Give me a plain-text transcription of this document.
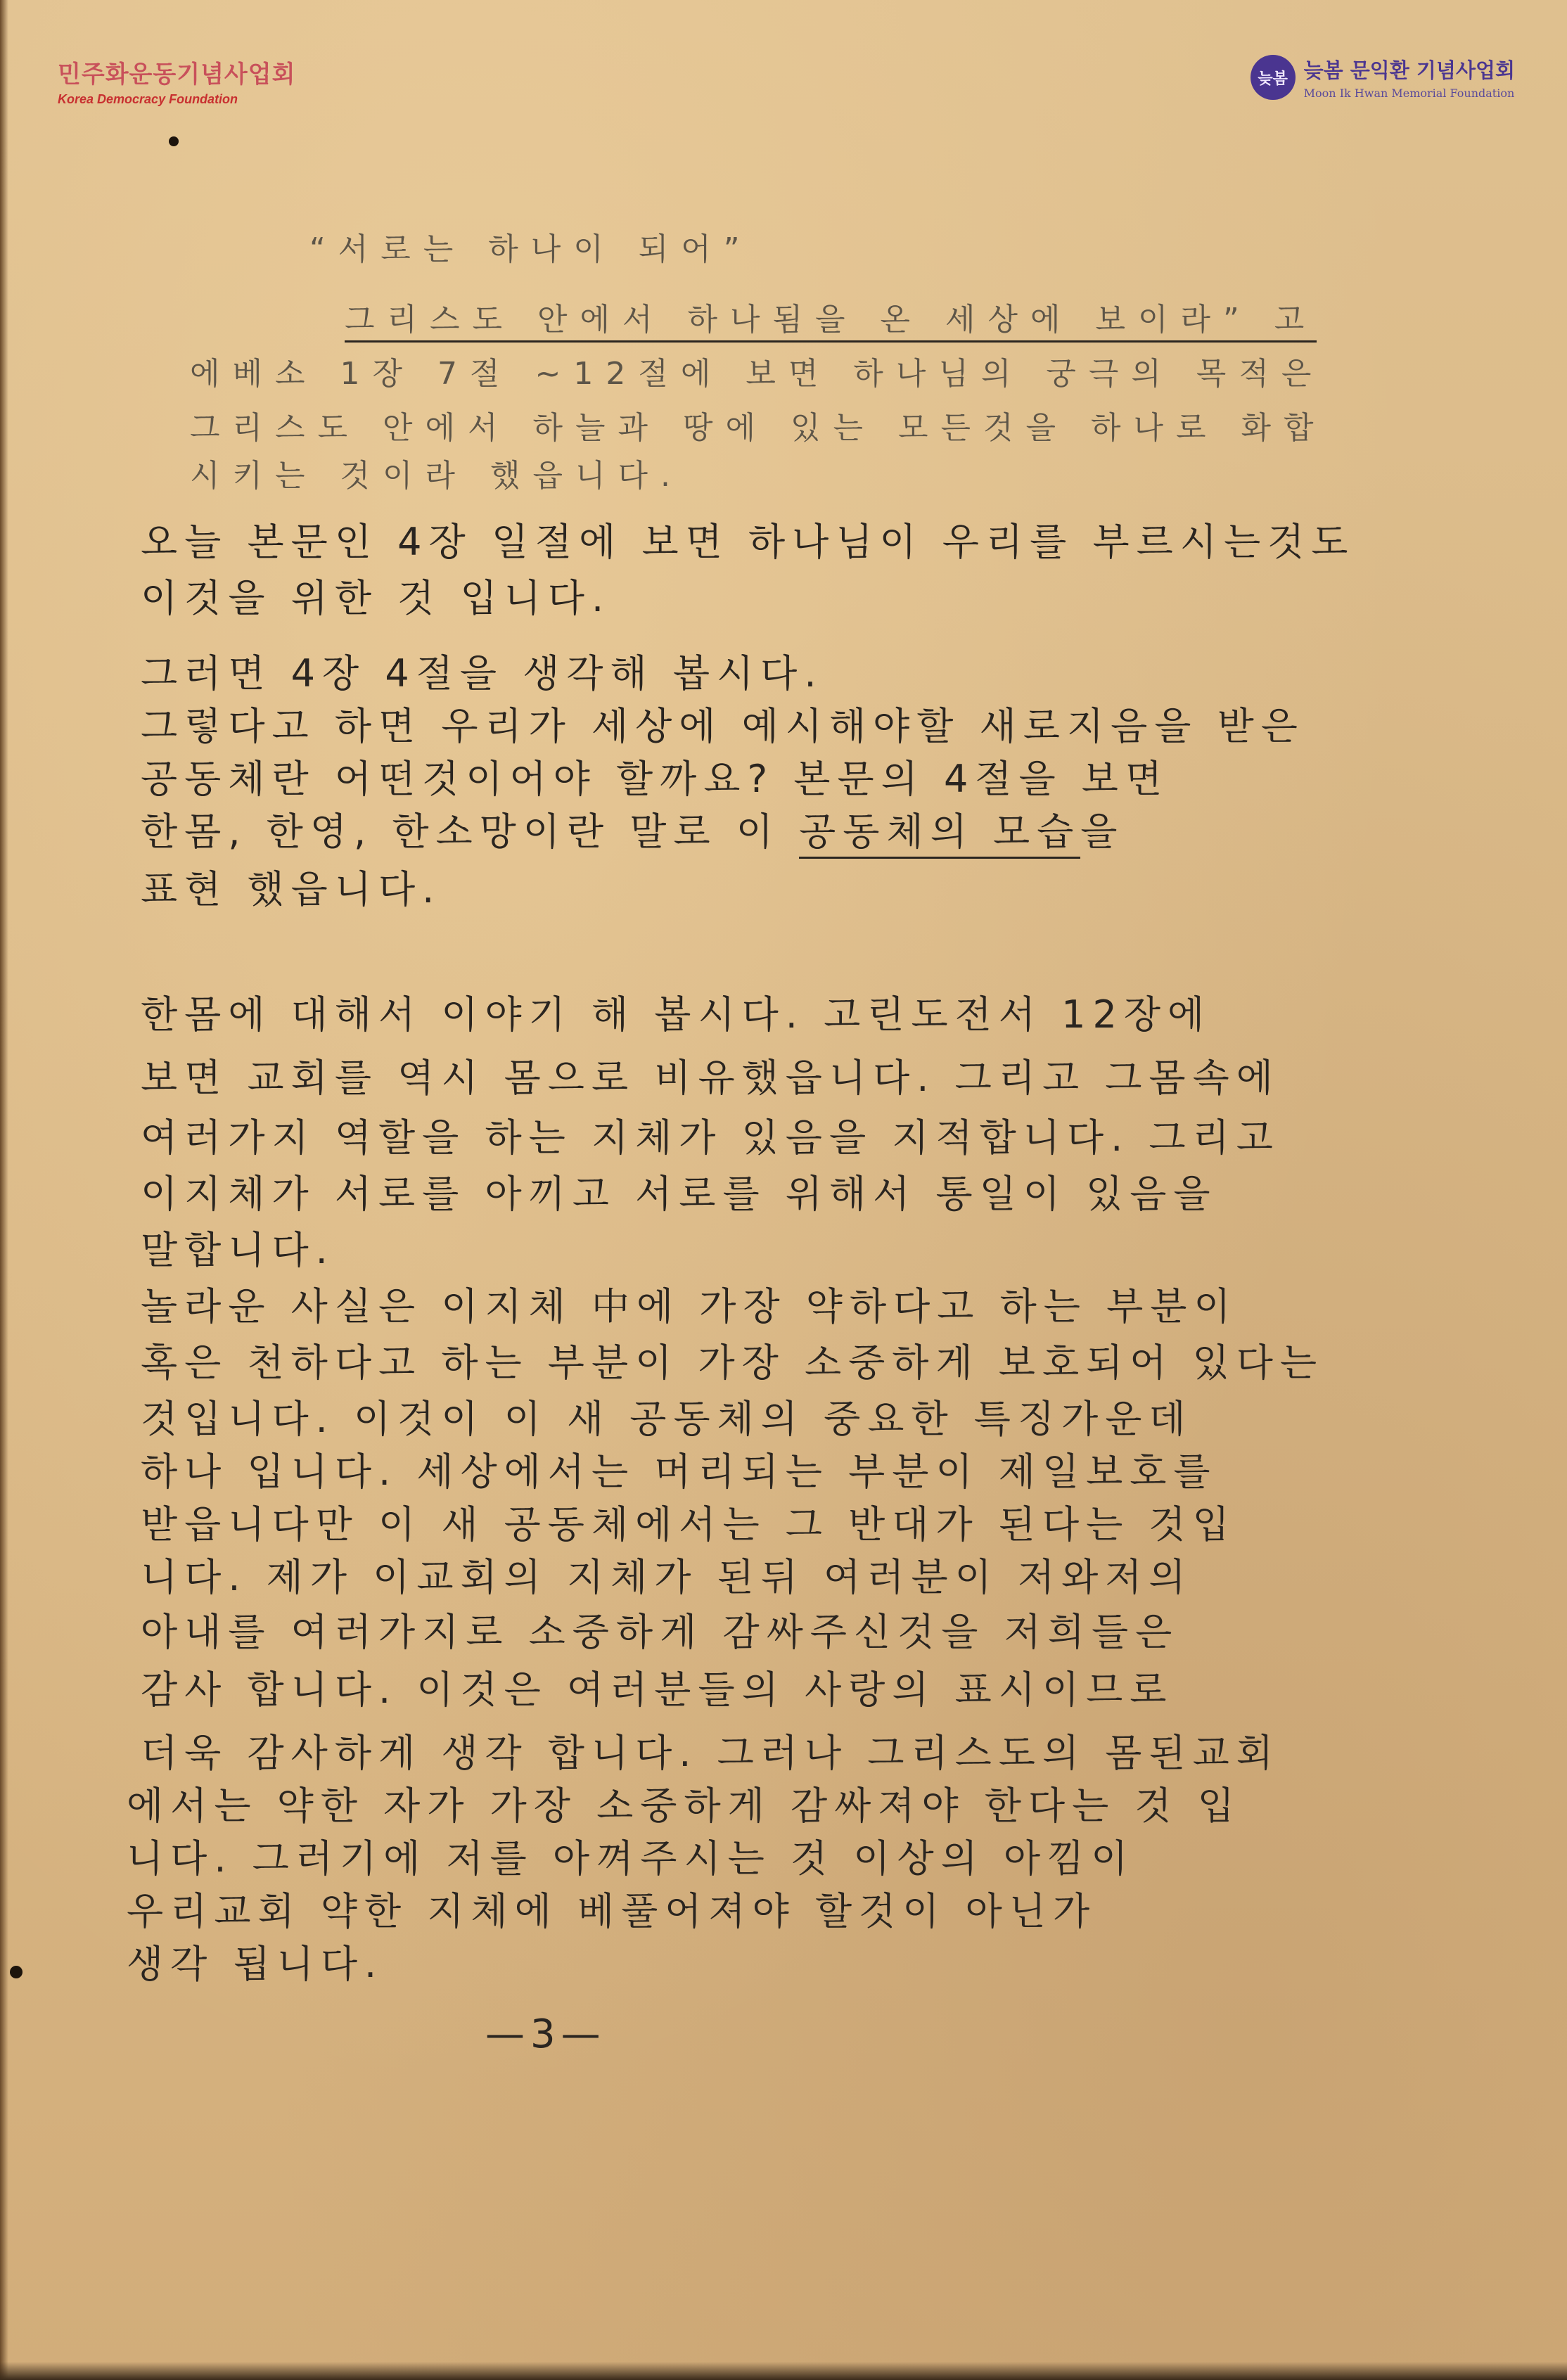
민주화운동기념사업회
Korea Democracy Foundation
늦봄 늦봄 문익환 기념사업회
Moon Ik Hwan Memorial Foundation
“서로는 하나이 되어”
그리스도 안에서 하나됨을 온 세상에 보이라” 고
에베소 1장 7절 ~12절에 보면 하나님의 궁극의 목적은
그리스도 안에서 하늘과 땅에 있는 모든것을 하나로 화합
시키는 것이라 했읍니다.
오늘 본문인 4장 일절에 보면 하나님이 우리를 부르시는것도
이것을 위한 것 입니다.
그러면 4장 4절을 생각해 봅시다.
그렇다고 하면 우리가 세상에 예시해야할 새로지음을 받은
공동체란 어떤것이어야 할까요? 본문의 4절을 보면
한몸, 한영, 한소망이란 말로 이 공동체의 모습을
표현 했읍니다.
한몸에 대해서 이야기 해 봅시다. 고린도전서 12장에
보면 교회를 역시 몸으로 비유했읍니다. 그리고 그몸속에
여러가지 역할을 하는 지체가 있음을 지적합니다. 그리고
이지체가 서로를 아끼고 서로를 위해서 통일이 있음을
말합니다.
놀라운 사실은 이지체 中에 가장 약하다고 하는 부분이
혹은 천하다고 하는 부분이 가장 소중하게 보호되어 있다는
것입니다. 이것이 이 새 공동체의 중요한 특징가운데
하나 입니다. 세상에서는 머리되는 부분이 제일보호를
받읍니다만 이 새 공동체에서는 그 반대가 된다는 것입
니다. 제가 이교회의 지체가 된뒤 여러분이 저와저의
아내를 여러가지로 소중하게 감싸주신것을 저희들은
감사 합니다. 이것은 여러분들의 사랑의 표시이므로
더욱 감사하게 생각 합니다. 그러나 그리스도의 몸된교회
에서는 약한 자가 가장 소중하게 감싸져야 한다는 것 입
니다. 그러기에 저를 아껴주시는 것 이상의 아낌이
우리교회 약한 지체에 베풀어져야 할것이 아닌가
생각 됩니다.
—3—
